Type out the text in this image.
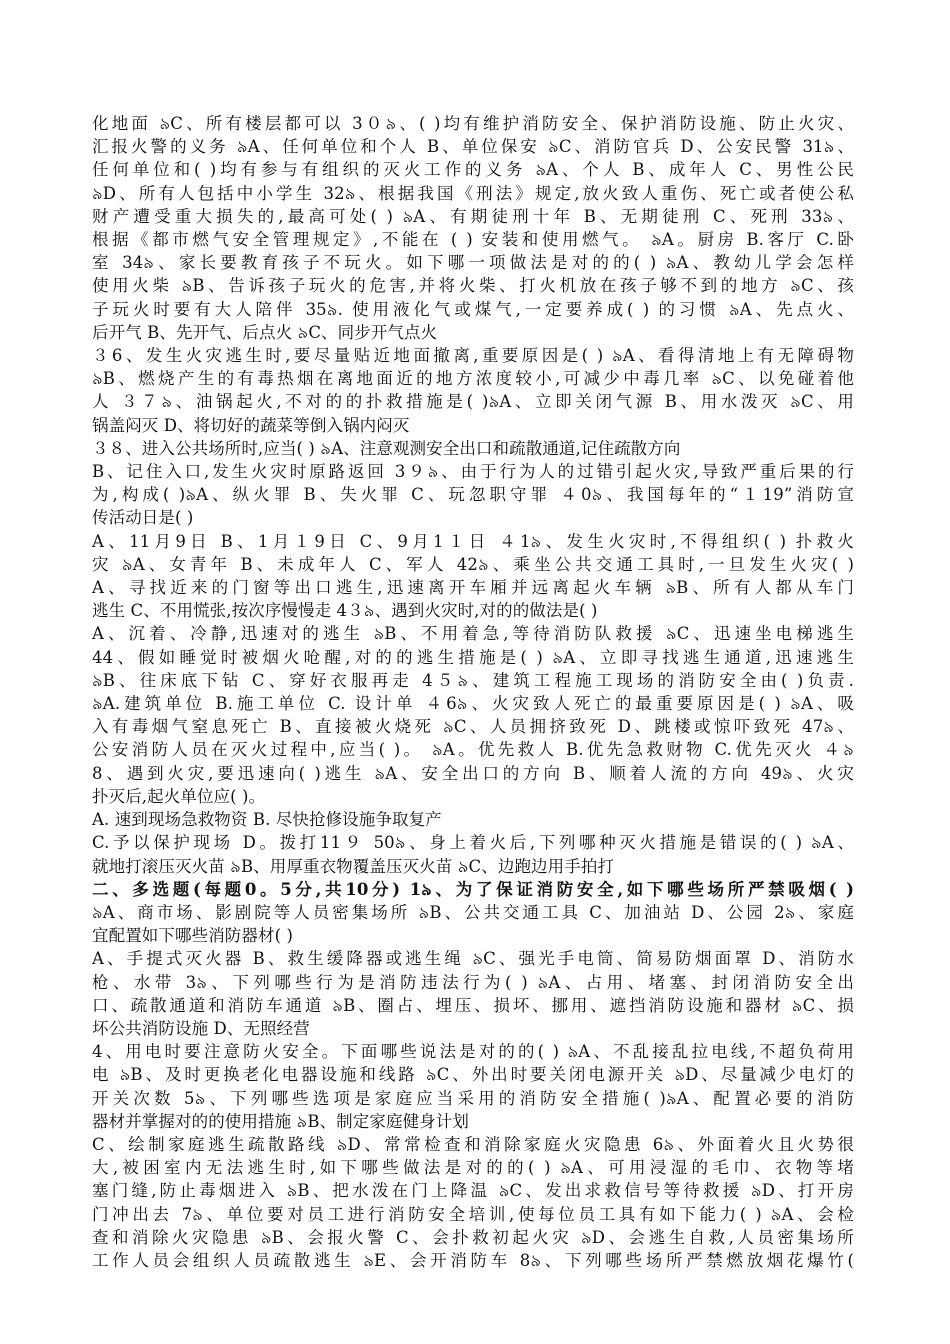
化地面 ৯C、所有楼层都可以 3０৯、( )均有维护消防安全、保护消防设施、防止火灾、
汇报火警的义务 ৯A、任何单位和个人 B、单位保安 ৯C、消防官兵 D、公安民警 31৯、
任何单位和( )均有参与有组织的灭火工作的义务 ৯A、个人 B、成年人 C、男性公民
৯D、所有人包括中小学生 32৯、根据我国《刑法》规定,放火致人重伤、死亡或者使公私
财产遭受重大损失的,最高可处( ) ৯A、有期徒刑十年 B、无期徒刑 C、死刑 33৯、
根据《都市燃气安全管理规定》,不能在 ( ) 安装和使用燃气。 ৯A。厨房 B.客厅 C.卧
室 34৯、家长要教育孩子不玩火。如下哪一项做法是对的的( ) ৯A、教幼儿学会怎样
使用火柴 ৯B、告诉孩子玩火的危害,并将火柴、打火机放在孩子够不到的地方 ৯C、孩
子玩火时要有大人陪伴 35৯. 使用液化气或煤气,一定要养成( ) 的习惯 ৯A、先点火、
后开气 B、先开气、后点火 ৯C、同步开气点火
３6、发生火灾逃生时,要尽量贴近地面撤离,重要原因是( ) ৯A、看得清地上有无障碍物
৯B、燃烧产生的有毒热烟在离地面近的地方浓度较小,可减少中毒几率 ৯C、以免碰着他
人 ３７৯、油锅起火,不对的的扑救措施是( )৯A、立即关闭气源 B、用水泼灭 ৯C、用
锅盖闷灭 D、将切好的蔬菜等倒入锅内闷灭
３８、进入公共场所时,应当( ) ৯A、注意观测安全出口和疏散通道,记住疏散方向
B、记住入口,发生火灾时原路返回 3９৯、由于行为人的过错引起火灾,导致严重后果的行
为,构成( )৯A、纵火罪 B、失火罪 C、玩忽职守罪 ４0৯、我国每年的“１19”消防宣
传活动日是( )
A、11月9日 B、1月１9日 C、9月1１日 ４1৯、发生火灾时,不得组织( ) 扑救火
灾 ৯A、女青年 B、未成年人 C、军人 42৯、乘坐公共交通工具时,一旦发生火灾( )
A、寻找近来的门窗等出口逃生,迅速离开车厢并远离起火车辆 ৯B、所有人都从车门
逃生 C、不用慌张,按次序慢慢走 4３৯、遇到火灾时,对的的做法是( )
A、沉着、冷静,迅速对的逃生 ৯B、不用着急,等待消防队救援 ৯C、迅速坐电梯逃生
44、假如睡觉时被烟火呛醒,对的的逃生措施是( ) ৯A、立即寻找逃生通道,迅速逃生
৯B、往床底下钻 C、穿好衣服再走 4５৯、建筑工程施工现场的消防安全由( )负责.
৯A.建筑单位 B.施工单位 C. 设计单 ４6৯、火灾致人死亡的最重要原因是( ) ৯A、吸
入有毒烟气窒息死亡 B、直接被火烧死 ৯C、人员拥挤致死 D、跳楼或惊吓致死 47৯、
公安消防人员在灭火过程中,应当( )。 ৯A。优先救人 B.优先急救财物 C.优先灭火 ４৯
8、遇到火灾,要迅速向( )逃生 ৯A、安全出口的方向 B、顺着人流的方向 49৯、火灾
扑灭后,起火单位应( )。
A. 速到现场急救物资 B. 尽快抢修设施争取复产
C.予以保护现场 D。拨打11９ 50৯、身上着火后,下列哪种灭火措施是错误的( ) ৯A、
就地打滚压灭火苗 ৯B、用厚重衣物覆盖压灭火苗 ৯C、边跑边用手拍打
二、多选题(每题0。5分,共10分) 1৯、为了保证消防安全,如下哪些场所严禁吸烟( )
৯A、商市场、影剧院等人员密集场所 ৯B、公共交通工具 C、加油站 D、公园 2৯、家庭
宜配置如下哪些消防器材( )
A、手提式灭火器 B、救生缓降器或逃生绳 ৯C、强光手电筒、简易防烟面罩 D、消防水
枪、水带 3৯、下列哪些行为是消防违法行为( ) ৯A、占用、堵塞、封闭消防安全出
口、疏散通道和消防车通道 ৯B、圈占、埋压、损坏、挪用、遮挡消防设施和器材 ৯C、损
坏公共消防设施 D、无照经营
4、用电时要注意防火安全。下面哪些说法是对的的( ) ৯A、不乱接乱拉电线,不超负荷用
电 ৯B、及时更换老化电器设施和线路 ৯C、外出时要关闭电源开关 ৯D、尽量减少电灯的
开关次数 5৯、下列哪些选项是家庭应当采用的消防安全措施( )৯A、配置必要的消防
器材并掌握对的的使用措施 ৯B、制定家庭健身计划
C、绘制家庭逃生疏散路线 ৯D、常常检查和消除家庭火灾隐患 6৯、外面着火且火势很
大,被困室内无法逃生时,如下哪些做法是对的的( ) ৯A、可用浸湿的毛巾、衣物等堵
塞门缝,防止毒烟进入 ৯B、把水泼在门上降温 ৯C、发出求救信号等待救援 ৯D、打开房
门冲出去 7৯、单位要对员工进行消防安全培训,使每位员工具有如下能力( ) ৯A、会检
查和消除火灾隐患 ৯B、会报火警 C、会扑救初起火灾 ৯D、会逃生自救,人员密集场所
工作人员会组织人员疏散逃生 ৯E、会开消防车 8৯、下列哪些场所严禁燃放烟花爆竹(
